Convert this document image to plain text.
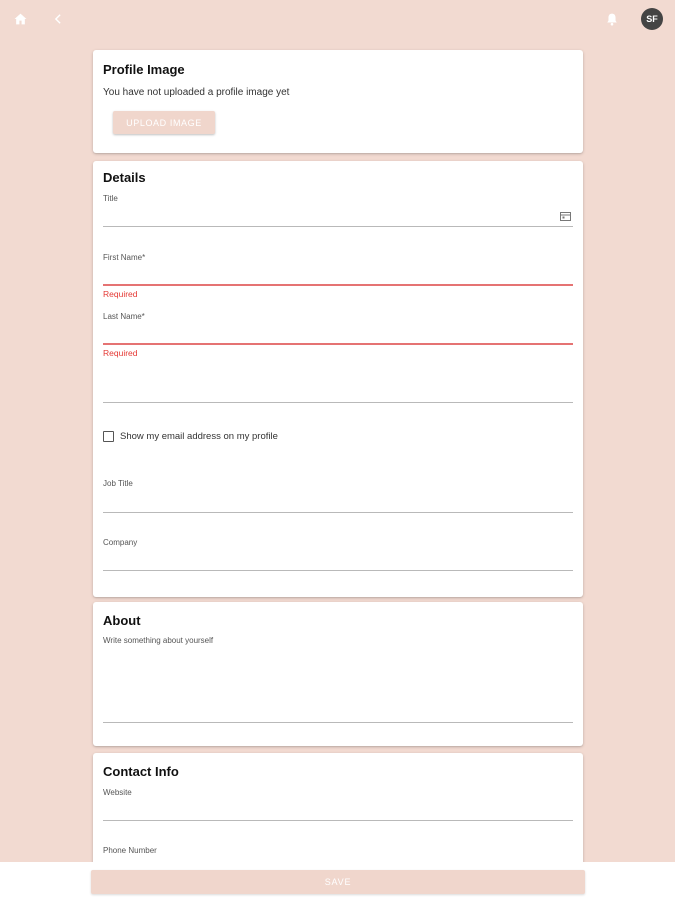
SF
Profile Image
You have not uploaded a profile image yet
UPLOAD IMAGE
Details
Title
First Name*
Required
Last Name*
Required
Show my email address on my profile
Job Title
Company
About
Write something about yourself
Contact Info
Website
Phone Number
SAVE
